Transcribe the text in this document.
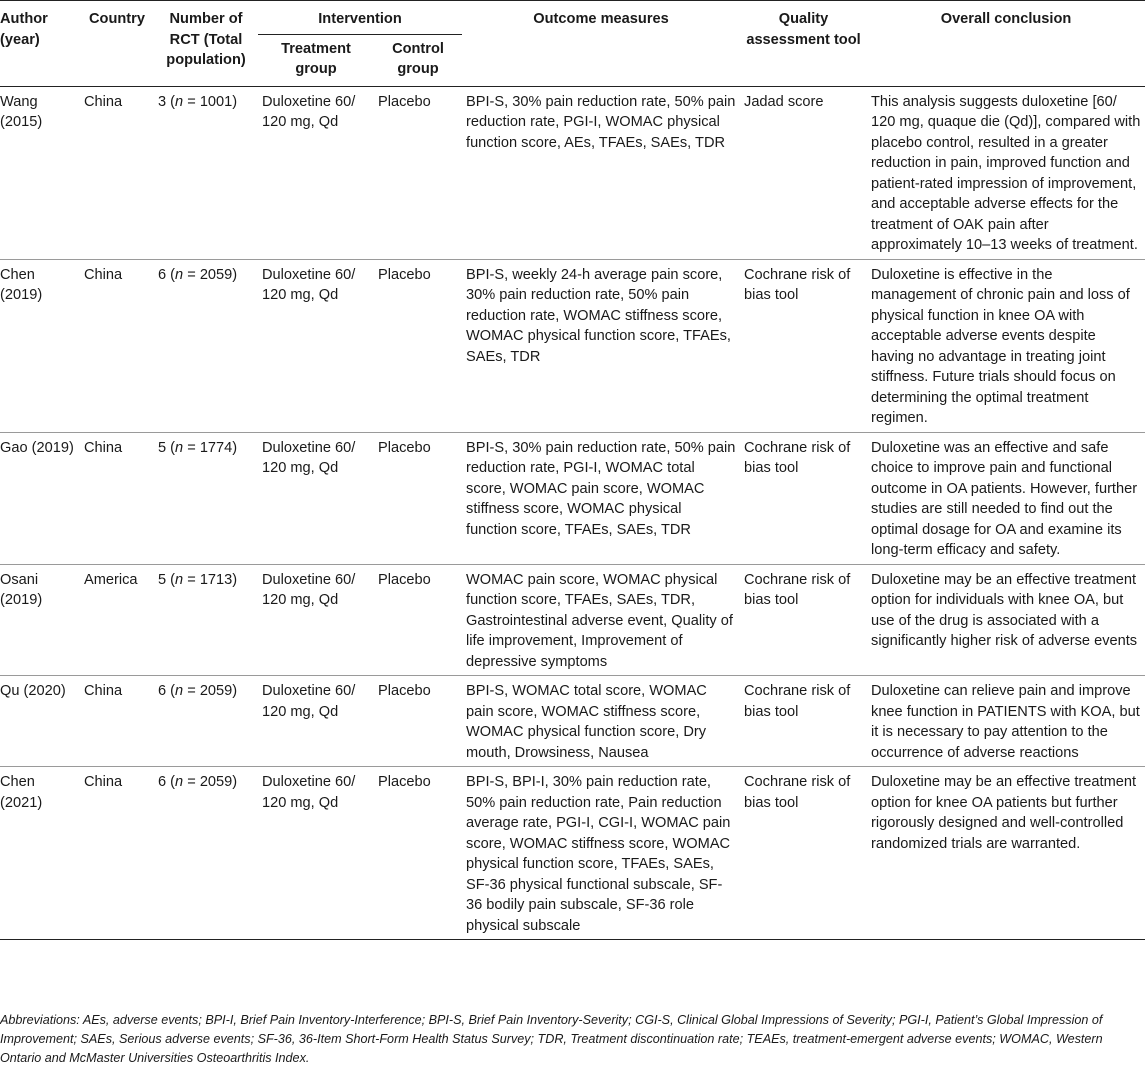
Author (year)	Country	Number of RCT (Total population)	Intervention		Outcome measures	Quality assessment tool	Overall conclusion
			Treatment group	Control group			
Wang (2015)	China	3 (n = 1001)	Duloxetine 60/ 120 mg, Qd	Placebo	BPI-S, 30% pain reduction rate, 50% pain reduction rate, PGI-I, WOMAC physical function score, AEs, TFAEs, SAEs, TDR	Jadad score	This analysis suggests duloxetine [60/ 120 mg, quaque die (Qd)], compared with placebo control, resulted in a greater reduction in pain, improved function and patient-rated impression of improvement, and acceptable adverse effects for the treatment of OAK pain after approximately 10–13 weeks of treatment.
Chen (2019)	China	6 (n = 2059)	Duloxetine 60/ 120 mg, Qd	Placebo	BPI-S, weekly 24-h average pain score, 30% pain reduction rate, 50% pain reduction rate, WOMAC stiffness score, WOMAC physical function score, TFAEs, SAEs, TDR	Cochrane risk of bias tool	Duloxetine is effective in the management of chronic pain and loss of physical function in knee OA with acceptable adverse events despite having no advantage in treating joint stiffness. Future trials should focus on determining the optimal treatment regimen.
Gao (2019)	China	5 (n = 1774)	Duloxetine 60/ 120 mg, Qd	Placebo	BPI-S, 30% pain reduction rate, 50% pain reduction rate, PGI-I, WOMAC total score, WOMAC pain score, WOMAC stiffness score, WOMAC physical function score, TFAEs, SAEs, TDR	Cochrane risk of bias tool	Duloxetine was an effective and safe choice to improve pain and functional outcome in OA patients. However, further studies are still needed to find out the optimal dosage for OA and examine its long-term efficacy and safety.
Osani (2019)	America	5 (n = 1713)	Duloxetine 60/ 120 mg, Qd	Placebo	WOMAC pain score, WOMAC physical function score, TFAEs, SAEs, TDR, Gastrointestinal adverse event, Quality of life improvement, Improvement of depressive symptoms	Cochrane risk of bias tool	Duloxetine may be an effective treatment option for individuals with knee OA, but use of the drug is associated with a significantly higher risk of adverse events
Qu (2020)	China	6 (n = 2059)	Duloxetine 60/ 120 mg, Qd	Placebo	BPI-S, WOMAC total score, WOMAC pain score, WOMAC stiffness score, WOMAC physical function score, Dry mouth, Drowsiness, Nausea	Cochrane risk of bias tool	Duloxetine can relieve pain and improve knee function in PATIENTS with KOA, but it is necessary to pay attention to the occurrence of adverse reactions
Chen (2021)	China	6 (n = 2059)	Duloxetine 60/ 120 mg, Qd	Placebo	BPI-S, BPI-I, 30% pain reduction rate, 50% pain reduction rate, Pain reduction average rate, PGI-I, CGI-I, WOMAC pain score, WOMAC stiffness score, WOMAC physical function score, TFAEs, SAEs, SF-36 physical functional subscale, SF-36 bodily pain subscale, SF-36 role physical subscale	Cochrane risk of bias tool	Duloxetine may be an effective treatment option for knee OA patients but further rigorously designed and well-controlled randomized trials are warranted.
Abbreviations: AEs, adverse events; BPI-I, Brief Pain Inventory-Interference; BPI-S, Brief Pain Inventory-Severity; CGI-S, Clinical Global Impressions of Severity; PGI-I, Patient’s Global Impression of Improvement; SAEs, Serious adverse events; SF-36, 36-Item Short-Form Health Status Survey; TDR, Treatment discontinuation rate; TEAEs, treatment-emergent adverse events; WOMAC, Western Ontario and McMaster Universities Osteoarthritis Index.
